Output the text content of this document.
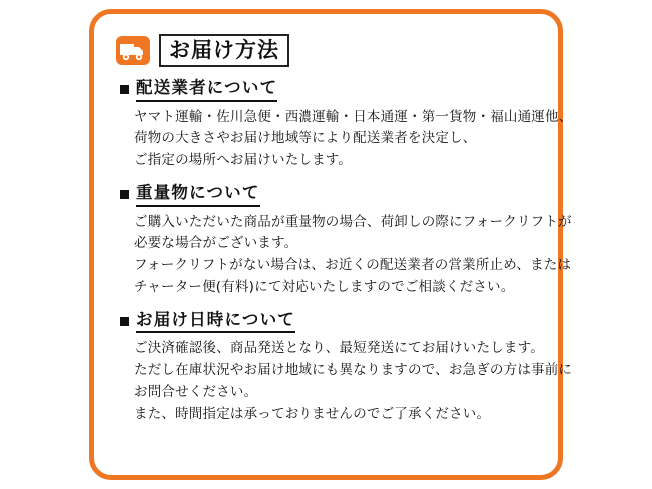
お届け方法
配送業者について
ヤマト運輸・佐川急便・西濃運輸・日本通運・第一貨物・福山通運他、
荷物の大きさやお届け地域等により配送業者を決定し、
ご指定の場所へお届けいたします。
重量物について
ご購入いただいた商品が重量物の場合、荷卸しの際にフォークリフトが
必要な場合がございます。
フォークリフトがない場合は、お近くの配送業者の営業所止め、または
チャーター便(有料)にて対応いたしますのでご相談ください。
お届け日時について
ご決済確認後、商品発送となり、最短発送にてお届けいたします。
ただし在庫状況やお届け地域にも異なりますので、お急ぎの方は事前に
お問合せください。
また、時間指定は承っておりませんのでご了承ください。
